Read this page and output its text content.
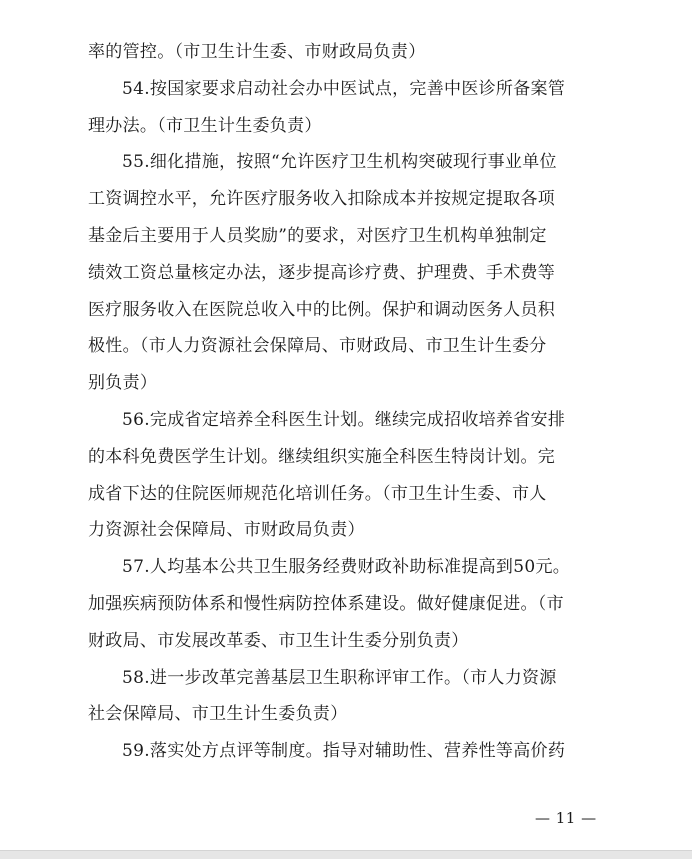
率的管控。（市卫生计生委、市财政局负责）
54.按国家要求启动社会办中医试点，完善中医诊所备案管
理办法。（市卫生计生委负责）
55.细化措施，按照“允许医疗卫生机构突破现行事业单位
工资调控水平，允许医疗服务收入扣除成本并按规定提取各项
基金后主要用于人员奖励”的要求，对医疗卫生机构单独制定
绩效工资总量核定办法，逐步提高诊疗费、护理费、手术费等
医疗服务收入在医院总收入中的比例。保护和调动医务人员积
极性。（市人力资源社会保障局、市财政局、市卫生计生委分
别负责）
56.完成省定培养全科医生计划。继续完成招收培养省安排
的本科免费医学生计划。继续组织实施全科医生特岗计划。完
成省下达的住院医师规范化培训任务。（市卫生计生委、市人
力资源社会保障局、市财政局负责）
57.人均基本公共卫生服务经费财政补助标准提高到50元。
加强疾病预防体系和慢性病防控体系建设。做好健康促进。（市
财政局、市发展改革委、市卫生计生委分别负责）
58.进一步改革完善基层卫生职称评审工作。（市人力资源
社会保障局、市卫生计生委负责）
59.落实处方点评等制度。指导对辅助性、营养性等高价药
— 11 —
